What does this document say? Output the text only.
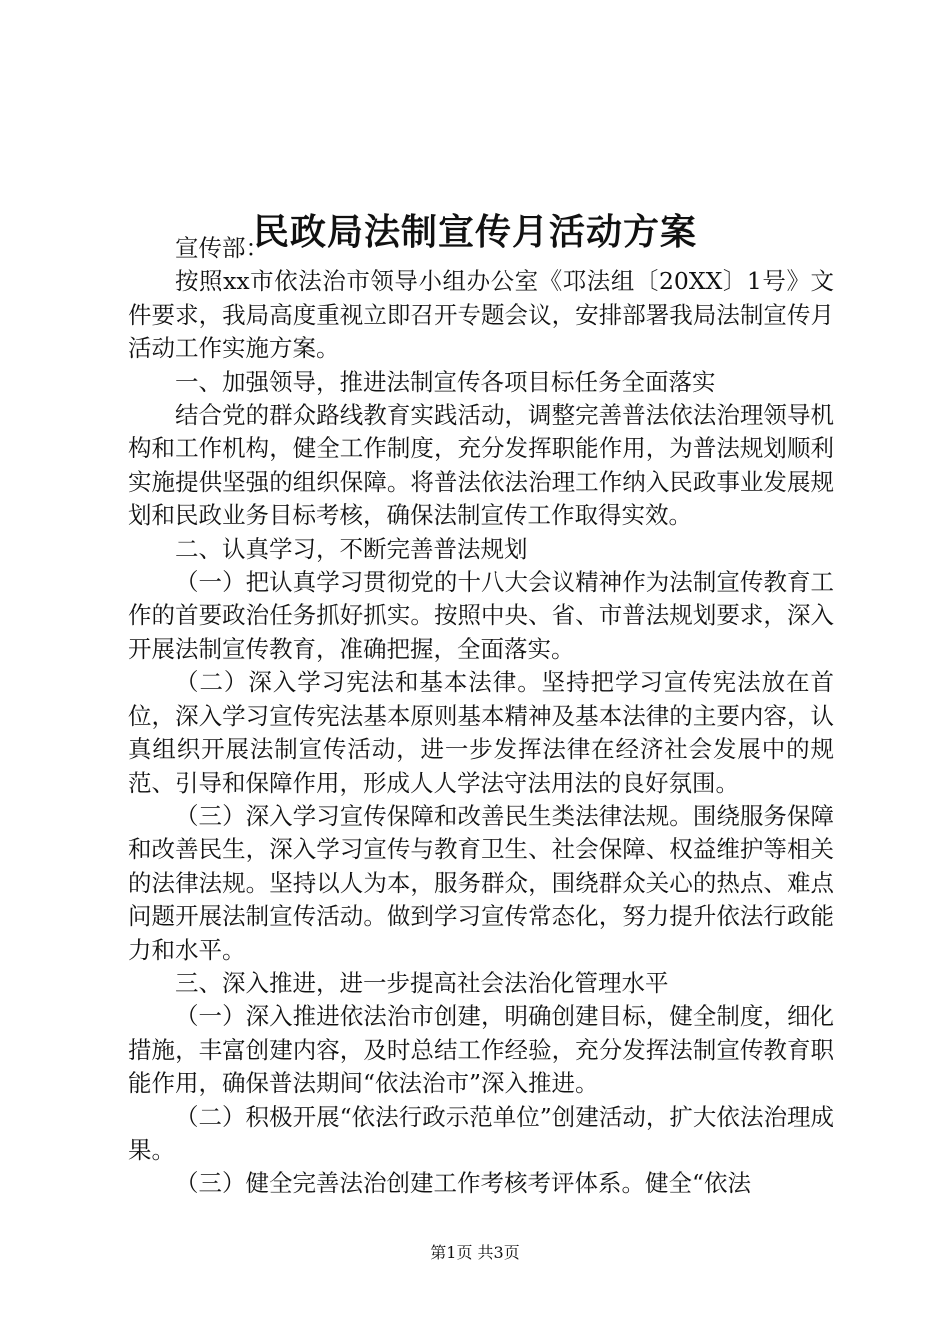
民政局法制宣传月活动方案

宣传部：

按照xx市依法治市领导小组办公室《邛法组〔20XX〕1号》文件要求，我局高度重视立即召开专题会议，安排部署我局法制宣传月活动工作实施方案。

一、加强领导，推进法制宣传各项目标任务全面落实

结合党的群众路线教育实践活动，调整完善普法依法治理领导机构和工作机构，健全工作制度，充分发挥职能作用，为普法规划顺利实施提供坚强的组织保障。将普法依法治理工作纳入民政事业发展规划和民政业务目标考核，确保法制宣传工作取得实效。

二、认真学习，不断完善普法规划

（一）把认真学习贯彻党的十八大会议精神作为法制宣传教育工作的首要政治任务抓好抓实。按照中央、省、市普法规划要求，深入开展法制宣传教育，准确把握，全面落实。

（二）深入学习宪法和基本法律。坚持把学习宣传宪法放在首位，深入学习宣传宪法基本原则基本精神及基本法律的主要内容，认真组织开展法制宣传活动，进一步发挥法律在经济社会发展中的规范、引导和保障作用，形成人人学法守法用法的良好氛围。

（三）深入学习宣传保障和改善民生类法律法规。围绕服务保障和改善民生，深入学习宣传与教育卫生、社会保障、权益维护等相关的法律法规。坚持以人为本，服务群众，围绕群众关心的热点、难点问题开展法制宣传活动。做到学习宣传常态化，努力提升依法行政能力和水平。

三、深入推进，进一步提高社会法治化管理水平

（一）深入推进依法治市创建，明确创建目标，健全制度，细化措施，丰富创建内容，及时总结工作经验，充分发挥法制宣传教育职能作用，确保普法期间“依法治市”深入推进。

（二）积极开展“依法行政示范单位”创建活动，扩大依法治理成果。

（三）健全完善法治创建工作考核考评体系。健全“依法

第1页 共3页
